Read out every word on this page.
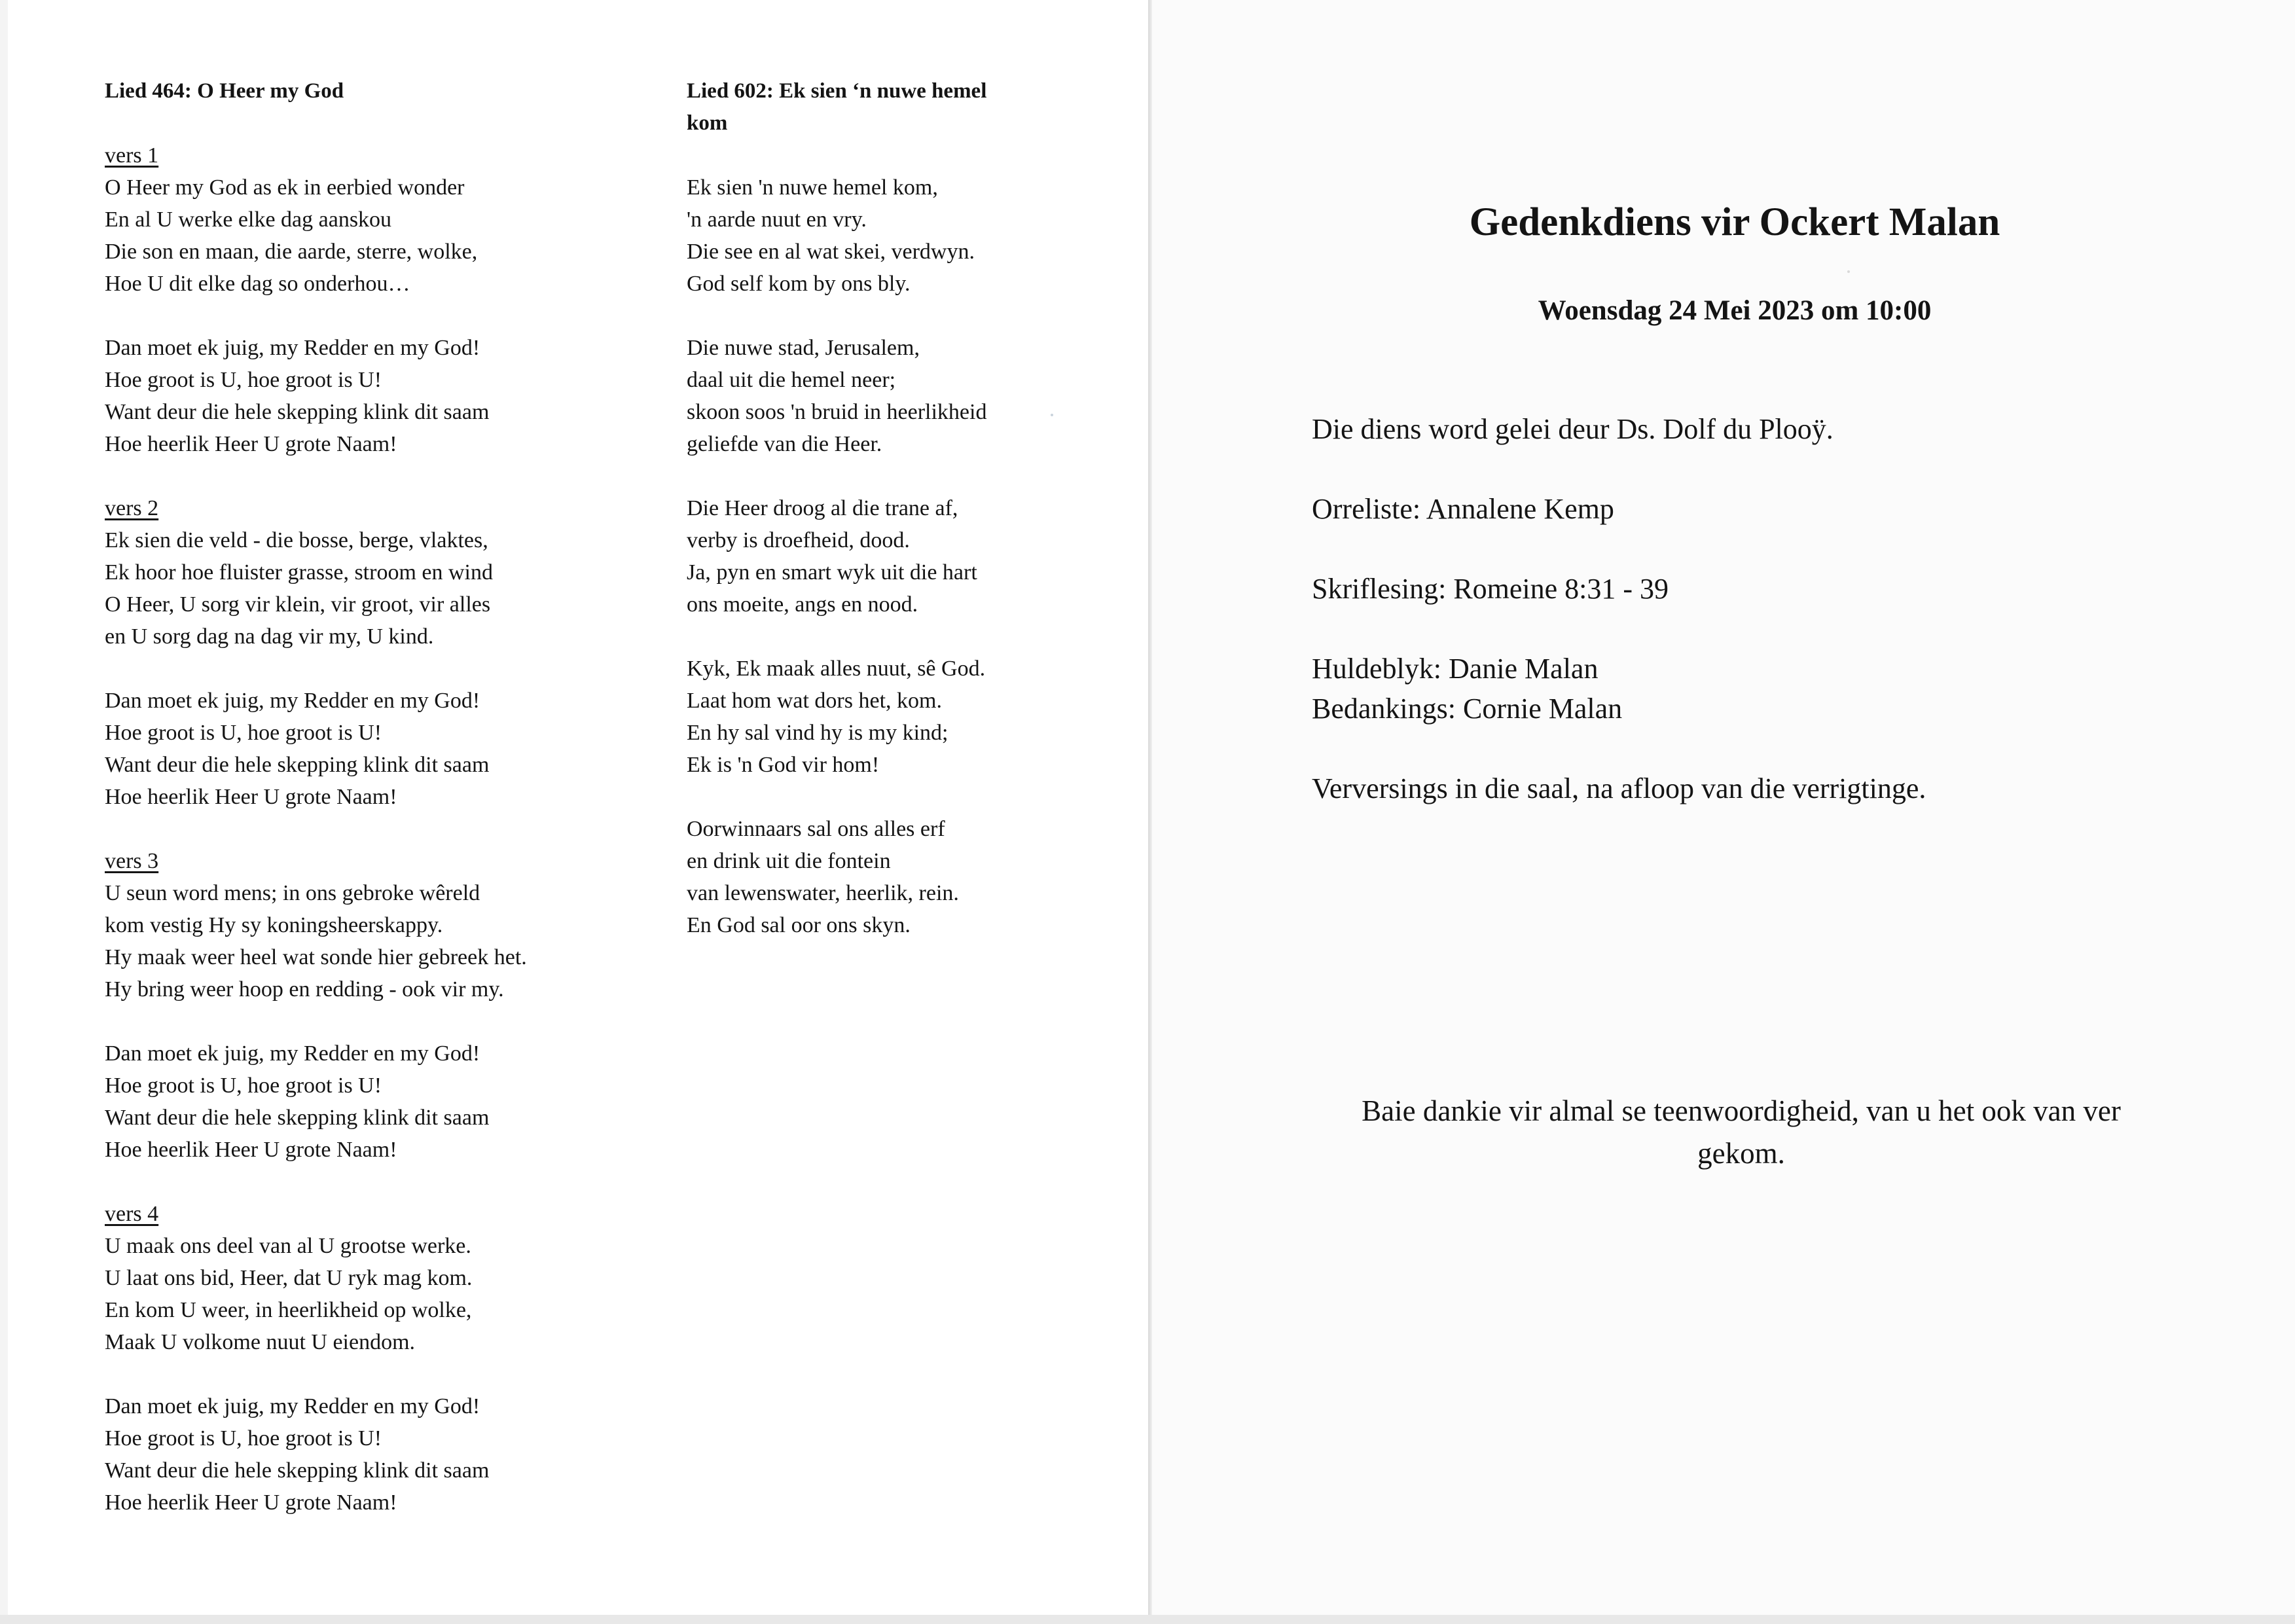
Lied 464: O Heer my God
vers 1
O Heer my God as ek in eerbied wonder
En al U werke elke dag aanskou
Die son en maan, die aarde, sterre, wolke,
Hoe U dit elke dag so onderhou…
Dan moet ek juig, my Redder en my God!
Hoe groot is U, hoe groot is U!
Want deur die hele skepping klink dit saam
Hoe heerlik Heer U grote Naam!
vers 2
Ek sien die veld - die bosse, berge, vlaktes,
Ek hoor hoe fluister grasse, stroom en wind
O Heer, U sorg vir klein, vir groot, vir alles
en U sorg dag na dag vir my, U kind.
Dan moet ek juig, my Redder en my God!
Hoe groot is U, hoe groot is U!
Want deur die hele skepping klink dit saam
Hoe heerlik Heer U grote Naam!
vers 3
U seun word mens; in ons gebroke wêreld
kom vestig Hy sy koningsheerskappy.
Hy maak weer heel wat sonde hier gebreek het.
Hy bring weer hoop en redding - ook vir my.
Dan moet ek juig, my Redder en my God!
Hoe groot is U, hoe groot is U!
Want deur die hele skepping klink dit saam
Hoe heerlik Heer U grote Naam!
vers 4
U maak ons deel van al U grootse werke.
U laat ons bid, Heer, dat U ryk mag kom.
En kom U weer, in heerlikheid op wolke,
Maak U volkome nuut U eiendom.
Dan moet ek juig, my Redder en my God!
Hoe groot is U, hoe groot is U!
Want deur die hele skepping klink dit saam
Hoe heerlik Heer U grote Naam!
Lied 602: Ek sien ‘n nuwe hemel
kom
Ek sien 'n nuwe hemel kom,
'n aarde nuut en vry.
Die see en al wat skei, verdwyn.
God self kom by ons bly.
Die nuwe stad, Jerusalem,
daal uit die hemel neer;
skoon soos 'n bruid in heerlikheid
geliefde van die Heer.
Die Heer droog al die trane af,
verby is droefheid, dood.
Ja, pyn en smart wyk uit die hart
ons moeite, angs en nood.
Kyk, Ek maak alles nuut, sê God.
Laat hom wat dors het, kom.
En hy sal vind hy is my kind;
Ek is 'n God vir hom!
Oorwinnaars sal ons alles erf
en drink uit die fontein
van lewenswater, heerlik, rein.
En God sal oor ons skyn.
Gedenkdiens vir Ockert Malan
Woensdag 24 Mei 2023 om 10:00
Die diens word gelei deur Ds. Dolf du Plooÿ.
Orreliste: Annalene Kemp
Skriflesing: Romeine 8:31 - 39
Huldeblyk: Danie Malan
Bedankings: Cornie Malan
Verversings in die saal, na afloop van die verrigtinge.
Baie dankie vir almal se teenwoordigheid, van u het ook van ver
gekom.
